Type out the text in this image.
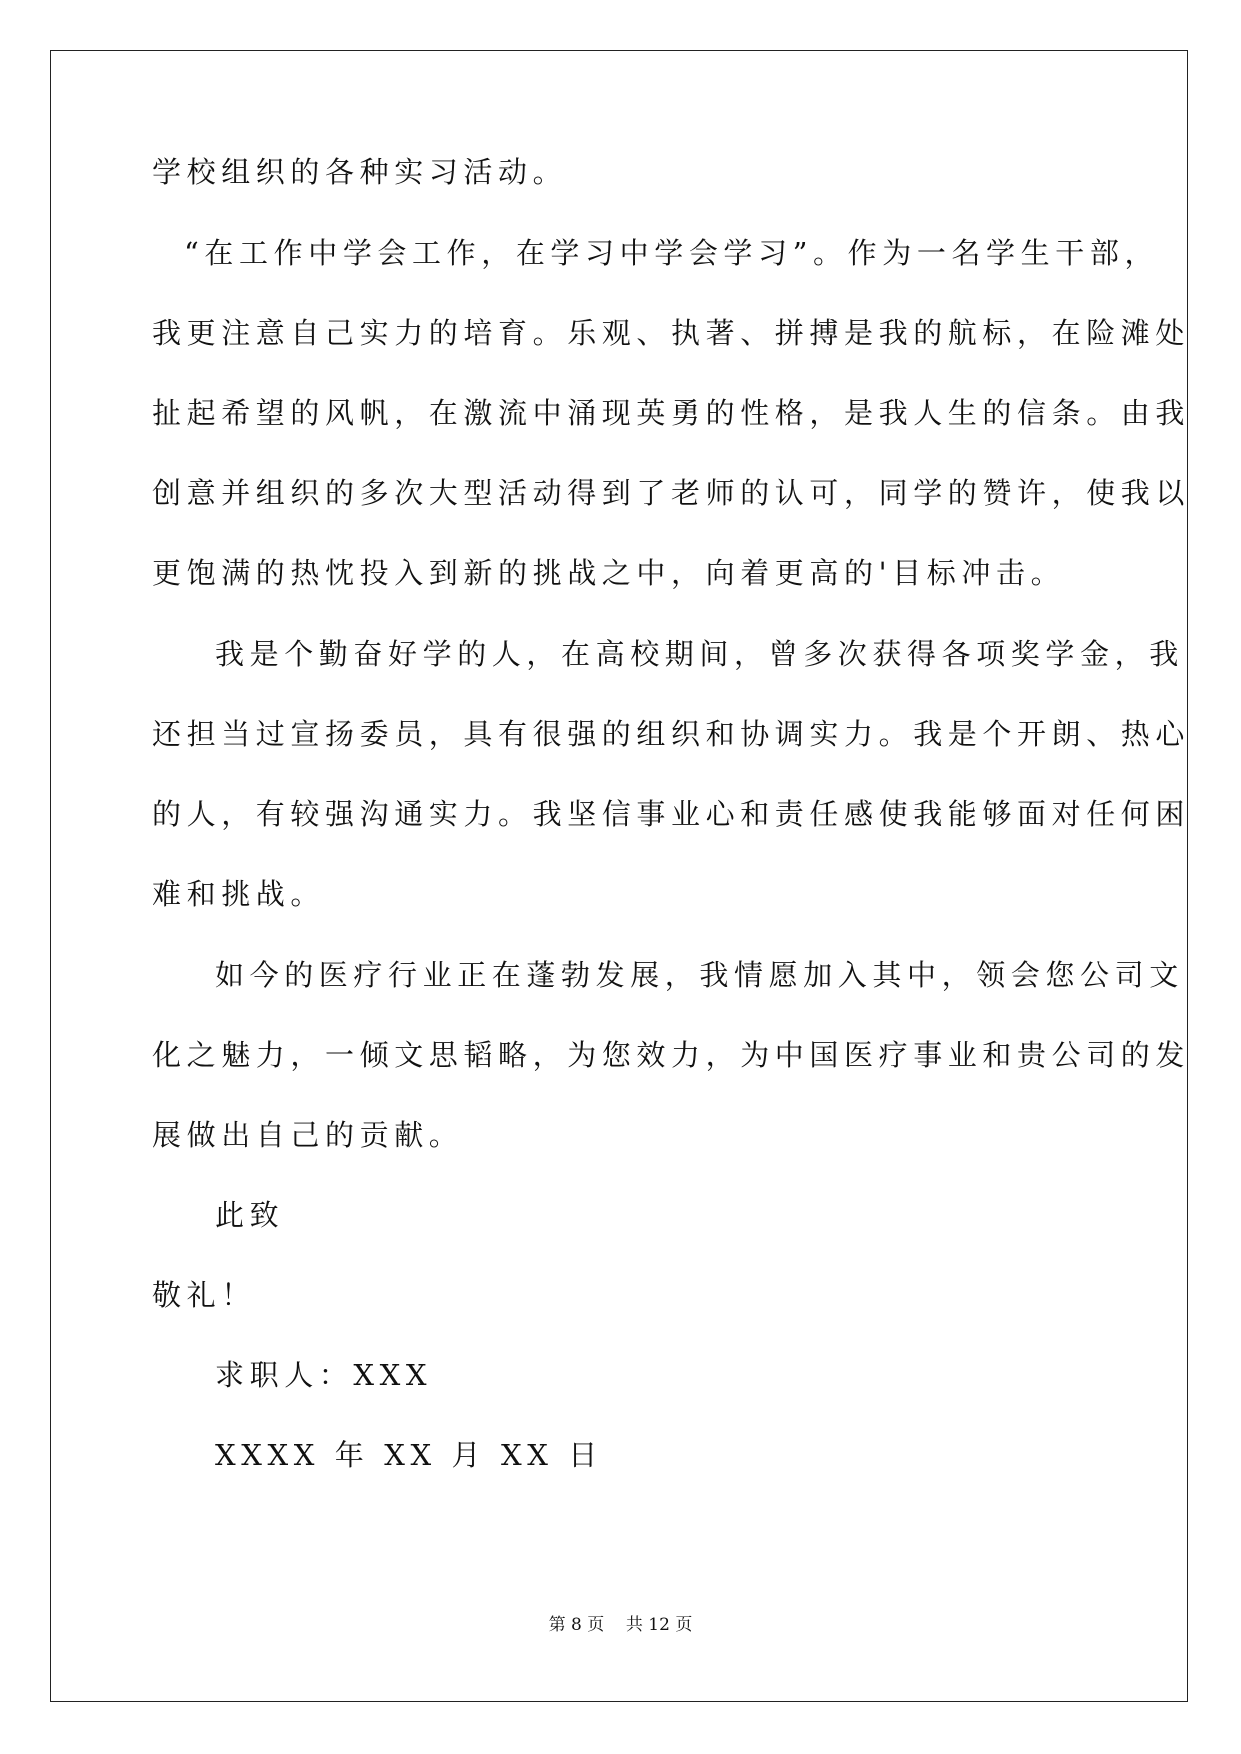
学校组织的各种实习活动。
“在工作中学会工作，在学习中学会学习”。作为一名学生干部，
我更注意自己实力的培育。乐观、执著、拼搏是我的航标，在险滩处
扯起希望的风帆，在激流中涌现英勇的性格，是我人生的信条。由我
创意并组织的多次大型活动得到了老师的认可，同学的赞许，使我以
更饱满的热忱投入到新的挑战之中，向着更高的'目标冲击。
我是个勤奋好学的人，在高校期间，曾多次获得各项奖学金，我
还担当过宣扬委员，具有很强的组织和协调实力。我是个开朗、热心
的人，有较强沟通实力。我坚信事业心和责任感使我能够面对任何困
难和挑战。
如今的医疗行业正在蓬勃发展，我情愿加入其中，领会您公司文
化之魅力，一倾文思韬略，为您效力，为中国医疗事业和贵公司的发
展做出自己的贡献。
此致
敬礼！
求职人：XXX
XXXX 年 XX 月 XX 日
第 8 页 共 12 页
